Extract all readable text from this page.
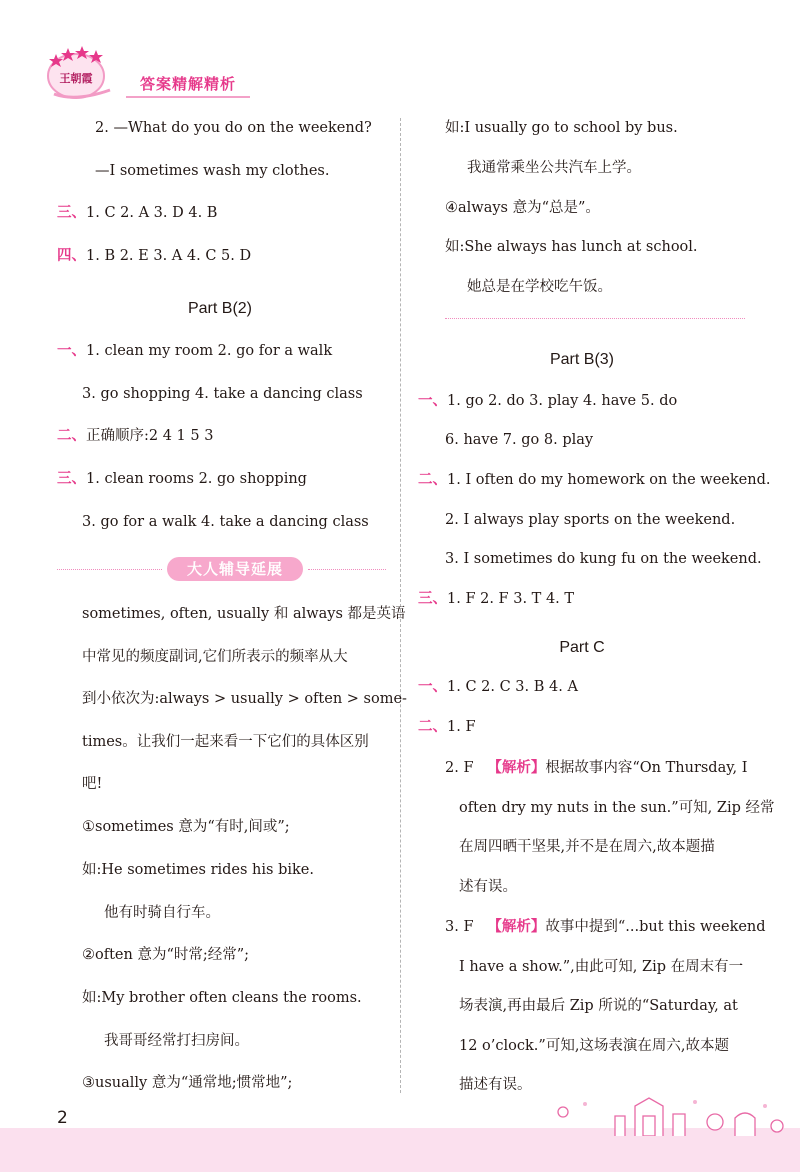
王朝霞	答案精解精析
2. —What do you do on the weekend?
—I sometimes wash my clothes.
三、1. C 2. A 3. D 4. B
四、1. B 2. E 3. A 4. C 5. D
Part B(2)
一、1. clean my room 2. go for a walk
3. go shopping 4. take a dancing class
二、正确顺序:2 4 1 5 3
三、1. clean rooms 2. go shopping
3. go for a walk 4. take a dancing class
大人辅导延展
sometimes, often, usually 和 always 都是英语
中常见的频度副词,它们所表示的频率从大
到小依次为:always > usually > often > some-
times。让我们一起来看一下它们的具体区别
吧!
①sometimes 意为“有时,间或”;
如:He sometimes rides his bike.
他有时骑自行车。
②often 意为“时常;经常”;
如:My brother often cleans the rooms.
我哥哥经常打扫房间。
③usually 意为“通常地;惯常地”;
如:I usually go to school by bus.
我通常乘坐公共汽车上学。
④always 意为“总是”。
如:She always has lunch at school.
她总是在学校吃午饭。
Part B(3)
一、1. go 2. do 3. play 4. have 5. do
6. have 7. go 8. play
二、1. I often do my homework on the weekend.
2. I always play sports on the weekend.
3. I sometimes do kung fu on the weekend.
三、1. F 2. F 3. T 4. T
Part C
一、1. C 2. C 3. B 4. A
二、1. F
2. F 【解析】根据故事内容“On Thursday, I
often dry my nuts in the sun.”可知, Zip 经常
在周四晒干坚果,并不是在周六,故本题描
述有误。
3. F 【解析】故事中提到“...but this weekend
I have a show.”,由此可知, Zip 在周末有一
场表演,再由最后 Zip 所说的“Saturday, at
12 o’clock.”可知,这场表演在周六,故本题
描述有误。
2
